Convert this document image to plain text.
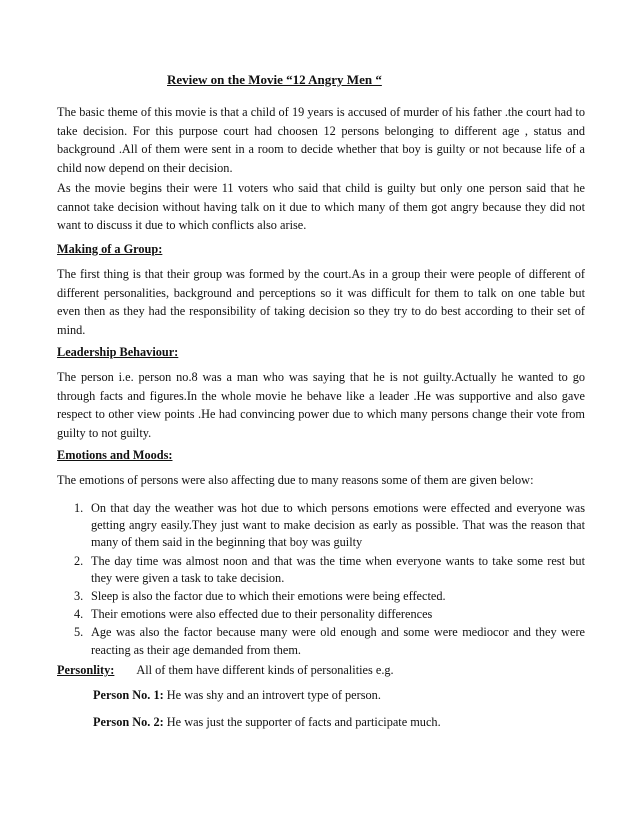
Review on the Movie “12 Angry Men “
The basic theme of this movie is that a child of 19 years is accused of murder of his father .the court had to take decision. For this purpose court had choosen 12 persons belonging to different age , status and background .All of them were sent in a room to decide whether that boy is guilty or not because life of a child now depend on their decision.
As the movie begins their were 11 voters who said that child is guilty but only one person said that he cannot take decision without having talk on it due to which many of them got angry because they did not want to discuss it due to which conflicts also arise.
Making of a Group:
The first thing is that their group was formed by the court.As in a group their were people of different of different personalities, background and perceptions so it was difficult for them to talk on one table but even then as they had the responsibility of taking decision so they try to do best according to their set of mind.
Leadership Behaviour:
The person i.e. person no.8 was a man who was saying that he is not guilty.Actually he wanted to go through facts and figures.In the whole movie he behave like a leader .He was supportive and also gave respect to other view points .He had convincing power due to which many persons change their vote from guilty to not guilty.
Emotions and Moods:
The emotions of persons were also affecting due to many reasons some of them are given below:
1. On that day the weather was hot due to which persons emotions were effected and everyone was getting angry easily.They just want to make decision as early as possible. That was the reason that many of them said in the beginning that boy was guilty
2. The day time was almost noon and that was the time when everyone wants to take some rest but they were given a task to take decision.
3. Sleep is also the factor due to which their emotions were being effected.
4. Their emotions were also effected due to their personality differences
5. Age was also the factor because many were old enough and some were mediocor and they were reacting as their age demanded from them.
Personlity: All of them have different kinds of personalities e.g.
Person No. 1: He was shy and an introvert type of person.
Person No. 2: He was just the supporter of facts and participate much.
